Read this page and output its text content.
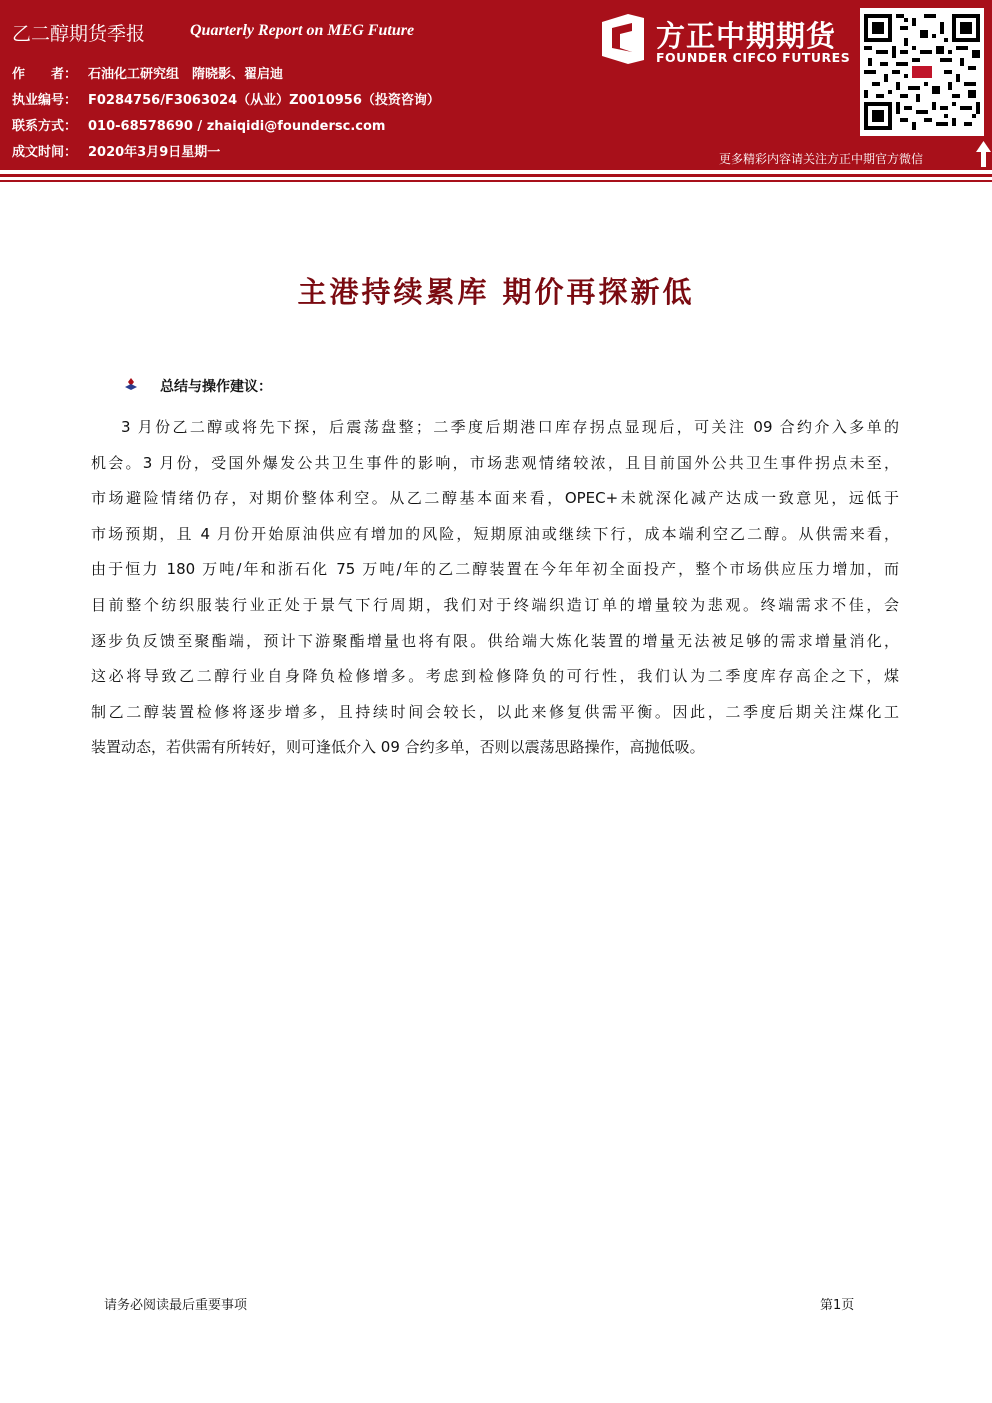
乙二醇期货季报	Quarterly Report on MEG Future
作　　者： 石油化工研究组　隋晓影、翟启迪
执业编号： F0284756/F3063024（从业）Z0010956（投资咨询）
联系方式： 010-68578690 / zhaiqidi@foundersc.com
成文时间： 2020年3月9日星期一
方正中期期货
FOUNDER CIFCO FUTURES
更多精彩内容请关注方正中期官方微信
主港持续累库 期价再探新低
总结与操作建议：
3 月份乙二醇或将先下探，后震荡盘整；二季度后期港口库存拐点显现后，可关注 09 合约介入多单的
机会。3 月份，受国外爆发公共卫生事件的影响，市场悲观情绪较浓，且目前国外公共卫生事件拐点未至，
市场避险情绪仍存，对期价整体利空。从乙二醇基本面来看，OPEC+未就深化减产达成一致意见，远低于
市场预期，且 4 月份开始原油供应有增加的风险，短期原油或继续下行，成本端利空乙二醇。从供需来看，
由于恒力 180 万吨/年和浙石化 75 万吨/年的乙二醇装置在今年年初全面投产，整个市场供应压力增加，而
目前整个纺织服装行业正处于景气下行周期，我们对于终端织造订单的增量较为悲观。终端需求不佳，会
逐步负反馈至聚酯端，预计下游聚酯增量也将有限。供给端大炼化装置的增量无法被足够的需求增量消化，
这必将导致乙二醇行业自身降负检修增多。考虑到检修降负的可行性，我们认为二季度库存高企之下，煤
制乙二醇装置检修将逐步增多，且持续时间会较长，以此来修复供需平衡。因此，二季度后期关注煤化工
装置动态，若供需有所转好，则可逢低介入 09 合约多单，否则以震荡思路操作，高抛低吸。
请务必阅读最后重要事项	第1页
